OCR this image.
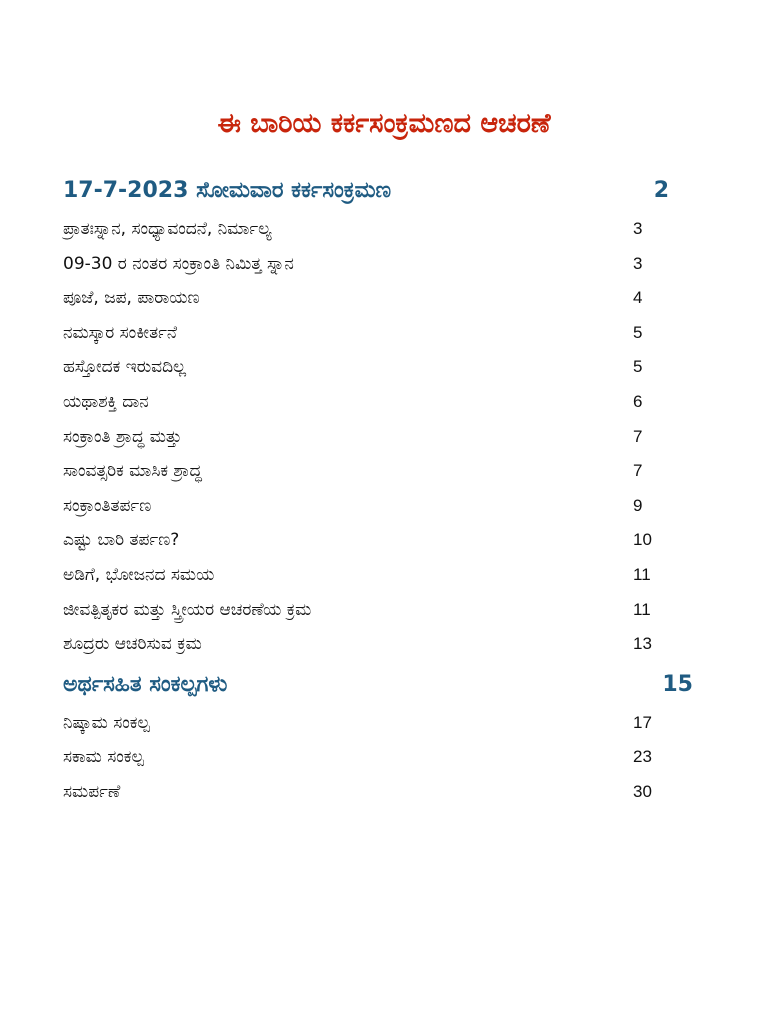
ಈ ಬಾರಿಯ ಕರ್ಕಸಂಕ್ರಮಣದ ಆಚರಣೆ
17-7-2023 ಸೋಮವಾರ ಕರ್ಕಸಂಕ್ರಮಣ	2
ಪ್ರಾತಃಸ್ನಾನ, ಸಂಧ್ಯಾವಂದನೆ, ನಿರ್ಮಾಲ್ಯ	3
09-30 ರ ನಂತರ ಸಂಕ್ರಾಂತಿ ನಿಮಿತ್ತ ಸ್ನಾನ	3
ಪೂಜೆ, ಜಪ, ಪಾರಾಯಣ	4
ನಮಸ್ಕಾರ ಸಂಕೀರ್ತನೆ	5
ಹಸ್ತೋದಕ ಇರುವದಿಲ್ಲ	5
ಯಥಾಶಕ್ತಿ ದಾನ	6
ಸಂಕ್ರಾಂತಿ ಶ್ರಾದ್ಧ ಮತ್ತು	7
ಸಾಂವತ್ಸರಿಕ ಮಾಸಿಕ ಶ್ರಾದ್ಧ	7
ಸಂಕ್ರಾಂತಿತರ್ಪಣ	9
ಎಷ್ಟು ಬಾರಿ ತರ್ಪಣ?	10
ಅಡಿಗೆ, ಭೋಜನದ ಸಮಯ	11
ಜೀವತ್ಪಿತೃಕರ ಮತ್ತು ಸ್ತ್ರೀಯರ ಆಚರಣೆಯ ಕ್ರಮ	11
ಶೂದ್ರರು ಆಚರಿಸುವ ಕ್ರಮ	13
ಅರ್ಥಸಹಿತ ಸಂಕಲ್ಪಗಳು	15
ನಿಷ್ಕಾಮ ಸಂಕಲ್ಪ	17
ಸಕಾಮ ಸಂಕಲ್ಪ	23
ಸಮರ್ಪಣೆ	30
